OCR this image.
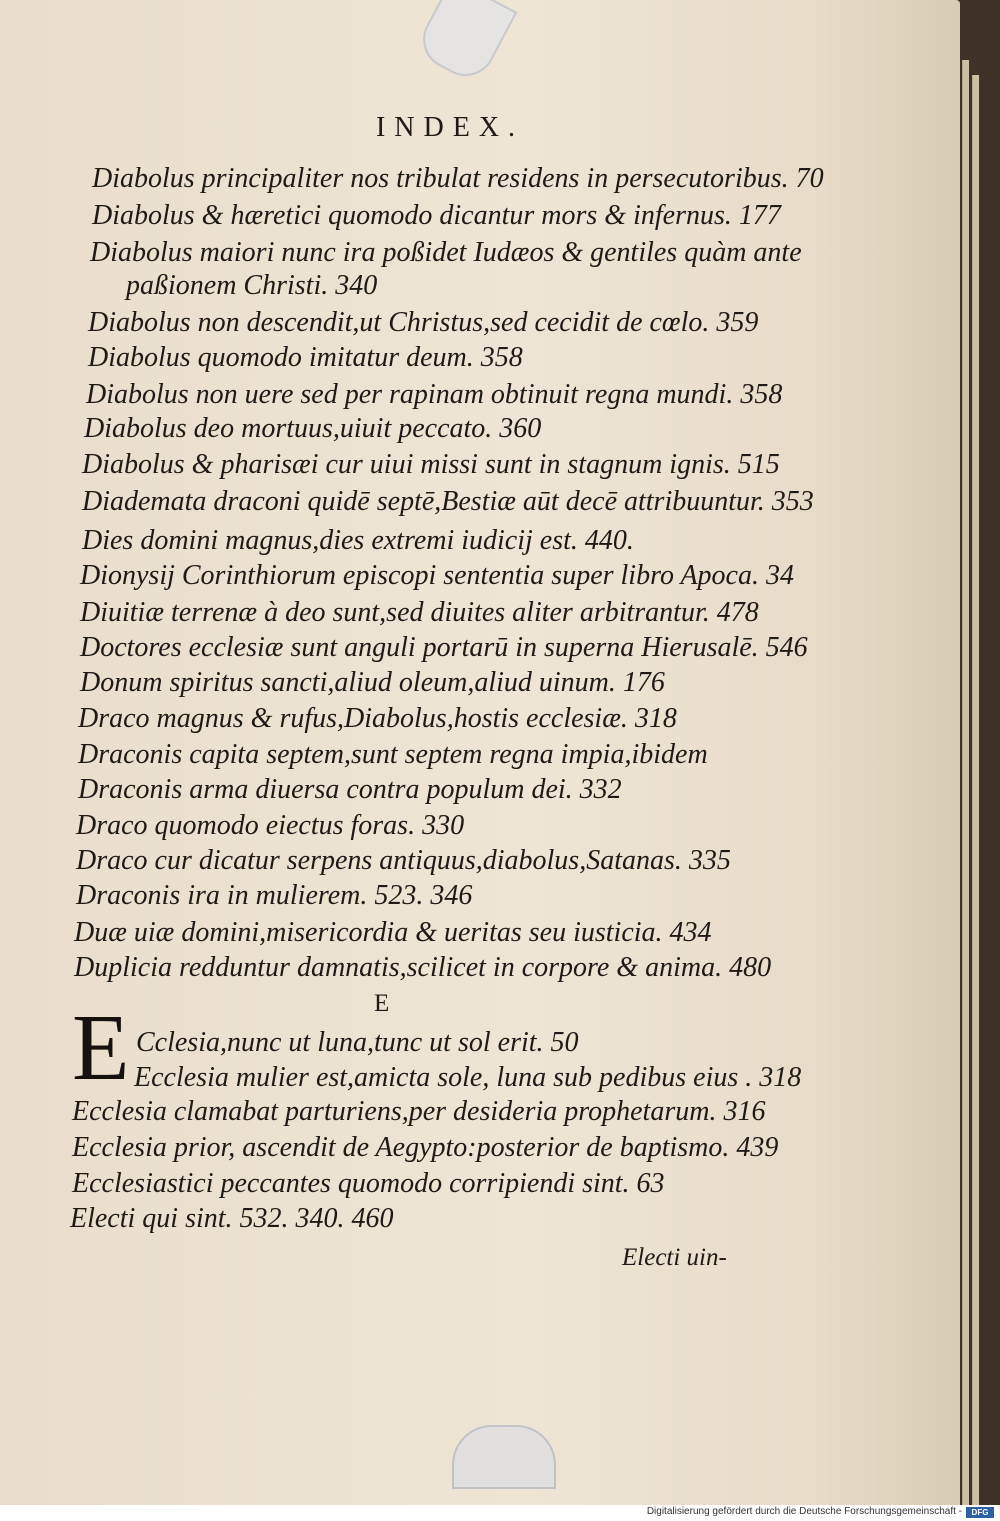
INDEX.
Diabolus principaliter nos tribulat residens in persecutoribus. 70
Diabolus & hæretici quomodo dicantur mors & infernus. 177
Diabolus maiori nunc ira poßidet Iudæos & gentiles quàm ante
paßionem Christi. 340
Diabolus non descendit,ut Christus,sed cecidit de cœlo. 359
Diabolus quomodo imitatur deum. 358
Diabolus non uere sed per rapinam obtinuit regna mundi. 358
Diabolus deo mortuus,uiuit peccato. 360
Diabolus & pharisæi cur uiui missi sunt in stagnum ignis. 515
Diademata draconi quidē septē,Bestiæ aūt decē attribuuntur. 353
Dies domini magnus,dies extremi iudicij est. 440.
Dionysij Corinthiorum episcopi sententia super libro Apoca. 34
Diuitiæ terrenæ à deo sunt,sed diuites aliter arbitrantur. 478
Doctores ecclesiæ sunt anguli portarū in superna Hierusalē. 546
Donum spiritus sancti,aliud oleum,aliud uinum. 176
Draco magnus & rufus,Diabolus,hostis ecclesiæ. 318
Draconis capita septem,sunt septem regna impia,ibidem
Draconis arma diuersa contra populum dei. 332
Draco quomodo eiectus foras. 330
Draco cur dicatur serpens antiquus,diabolus,Satanas. 335
Draconis ira in mulierem. 523. 346
Duæ uiæ domini,misericordia & ueritas seu iusticia. 434
Duplicia redduntur damnatis,scilicet in corpore & anima. 480
E
E Cclesia,nunc ut luna,tunc ut sol erit. 50
Ecclesia mulier est,amicta sole, luna sub pedibus eius . 318
Ecclesia clamabat parturiens,per desideria prophetarum. 316
Ecclesia prior, ascendit de Aegypto:posterior de baptismo. 439
Ecclesiastici peccantes quomodo corripiendi sint. 63
Electi qui sint. 532. 340. 460
Electi uin-
Digitalisierung gefördert durch die Deutsche Forschungsgemeinschaft -	DFG
